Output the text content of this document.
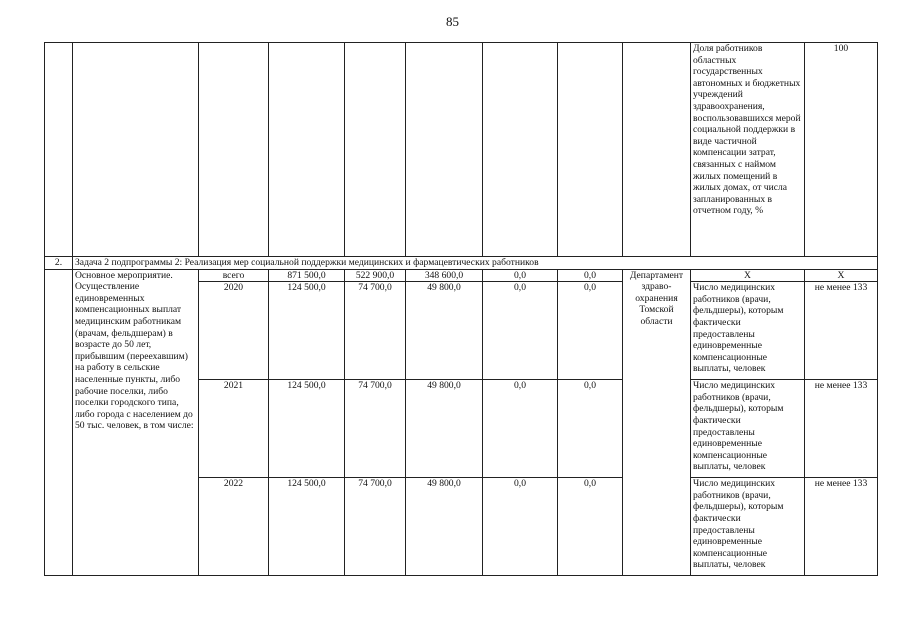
85
									Доля работников областных государственных автономных и бюджетных учреждений здравоохранения, воспользовавшихся мерой социальной поддержки в виде частичной компенсации затрат, связанных с наймом жилых помещений в жилых домах, от числа запланированных в отчетном году, %	100
2.	Задача 2 подпрограммы 2: Реализация мер социальной поддержки медицинских и фармацевтических работников									
	Основное мероприятие. Осуществление единовременных компенсационных выплат медицинским работникам (врачам, фельдшерам) в возрасте до 50 лет, прибывшим (переехавшим) на работу в сельские населенные пункты, либо рабочие поселки, либо поселки городского типа, либо города с населением до 50 тыс. человек, в том числе:	всего	871 500,0	522 900,0	348 600,0	0,0	0,0	Департамент здраво-охранения Томской области	X	X
		2020	124 500,0	74 700,0	49 800,0	0,0	0,0		Число медицинских работников (врачи, фельдшеры), которым фактически предоставлены единовременные компенсационные выплаты, человек	не менее 133

		2021	124 500,0	74 700,0	49 800,0	0,0	0,0		Число медицинских работников (врачи, фельдшеры), которым фактически предоставлены единовременные компенсационные выплаты, человек	не менее 133

		2022	124 500,0	74 700,0	49 800,0	0,0	0,0		Число медицинских работников (врачи, фельдшеры), которым фактически предоставлены единовременные компенсационные выплаты, человек	не менее 133
